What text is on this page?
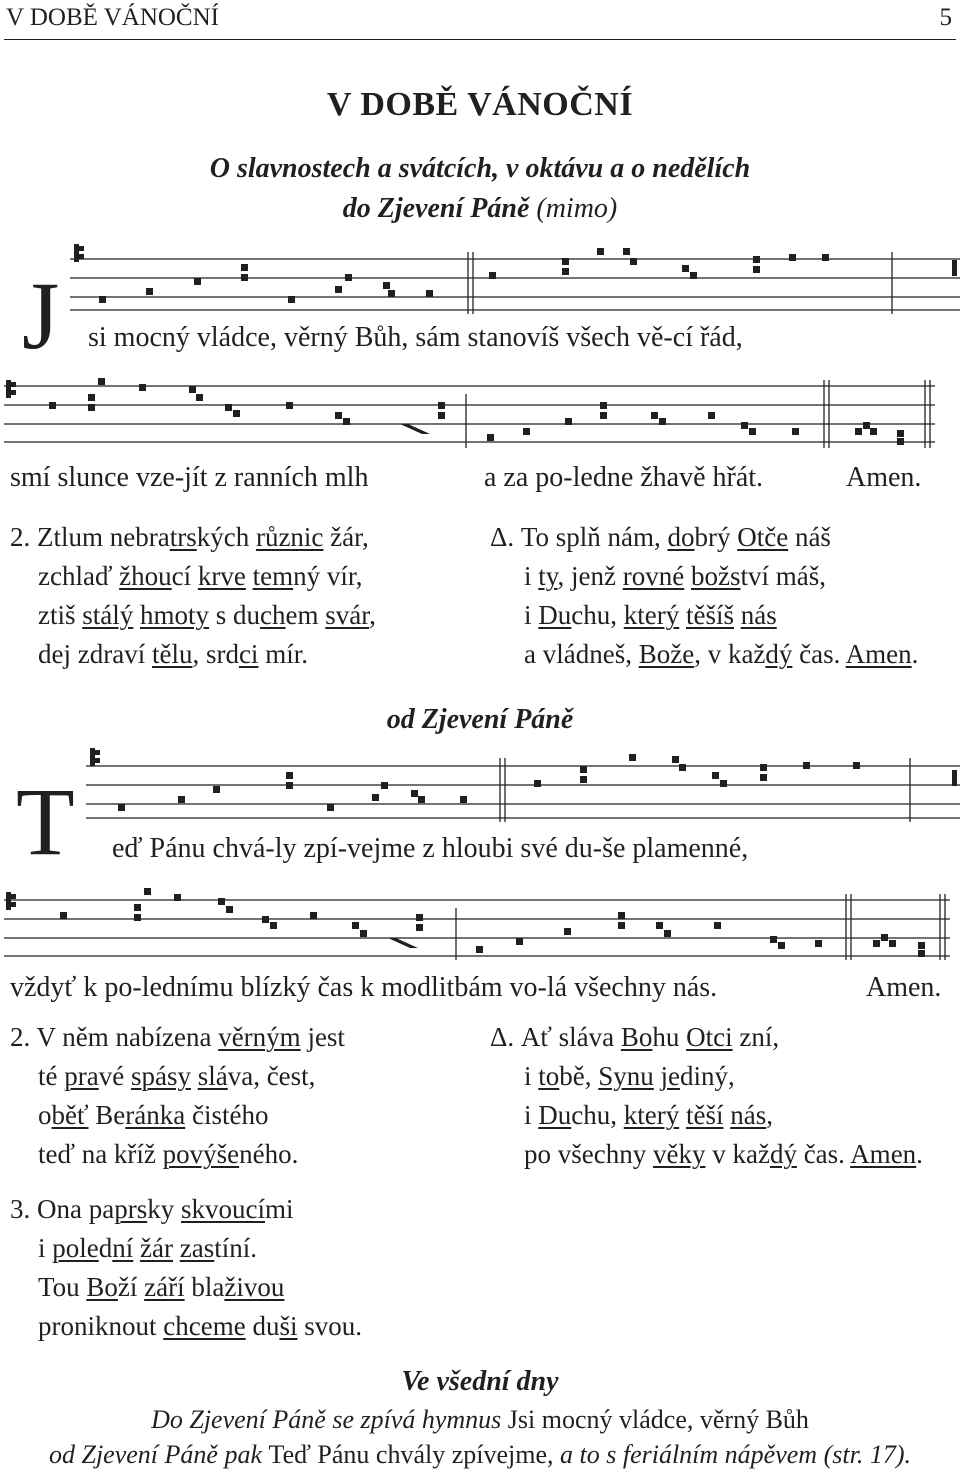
V DOBĚ VÁNOČNÍ	5
V DOBĚ VÁNOČNÍ
O slavnostech a svátcích, v oktávu a o nedělích
do Zjevení Páně (mimo)
J si mocný vládce, věrný Bůh, sám stanovíš všech vě-cí řád,
smí slunce vze-jít z ranních mlh	a za po-ledne žhavě hřát.	Amen.
2. Ztlum nebratrských různic žár,
zchlaď žhoucí krve temný vír,
ztiš stálý hmoty s duchem svár,
dej zdraví tělu, srdci mír.
Δ. To splň nám, dobrý Otče náš
i ty, jenž rovné božství máš,
i Duchu, který těšíš nás
a vládneš, Bože, v každý čas. Amen.
od Zjevení Páně
T eď Pánu chvá-ly zpí-vejme z hloubi své du-še plamenné,
vždyť k po-lednímu blízký čas k modlitbám vo-lá všechny nás.	Amen.
2. V něm nabízena věrným jest
té pravé spásy sláva, čest,
oběť Beránka čistého
teď na kříž povýšeného.
Δ. Ať sláva Bohu Otci zní,
i tobě, Synu jediný,
i Duchu, který těší nás,
po všechny věky v každý čas. Amen.
3. Ona paprsky skvoucími
i polední žár zastíní.
Tou Boží září blaživou
proniknout chceme duši svou.
Ve všední dny
Do Zjevení Páně se zpívá hymnus Jsi mocný vládce, věrný Bůh
od Zjevení Páně pak Teď Pánu chvály zpívejme, a to s feriálním nápěvem (str. 17).
